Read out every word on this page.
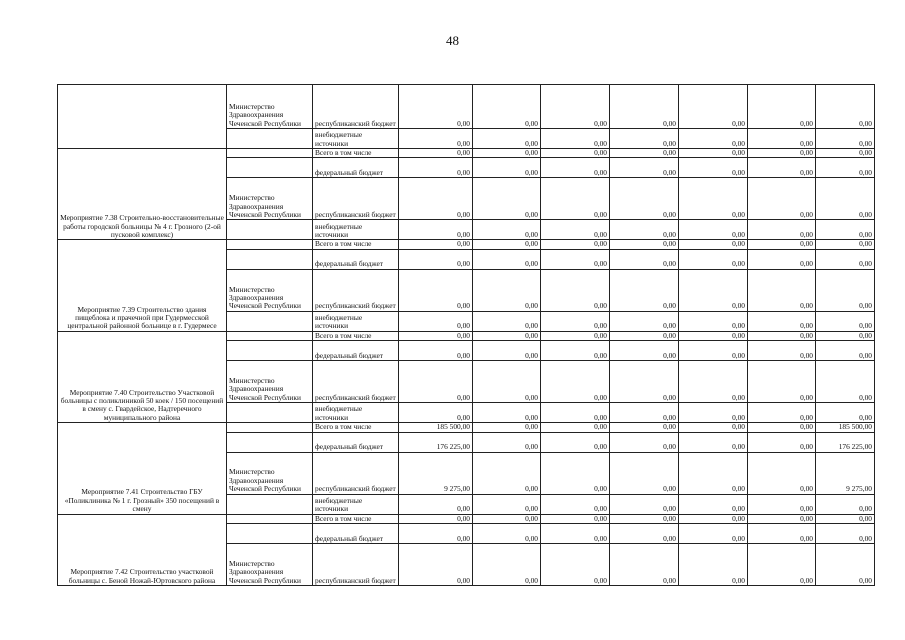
48
	Министерство Здравоохранения Чеченской Республики	республиканский бюджет	0,00	0,00	0,00	0,00	0,00	0,00	0,00
		внебюджетные источники	0,00	0,00	0,00	0,00	0,00	0,00	0,00
Мероприятие 7.38 Строительно-восстановительные работы городской больницы № 4 г. Грозного (2-ой пусковой комплекс)		Всего в том числе	0,00	0,00	0,00	0,00	0,00	0,00	0,00
		федеральный бюджет	0,00	0,00	0,00	0,00	0,00	0,00	0,00
	Министерство Здравоохранения Чеченской Республики	республиканский бюджет	0,00	0,00	0,00	0,00	0,00	0,00	0,00
		внебюджетные источники	0,00	0,00	0,00	0,00	0,00	0,00	0,00
Мероприятие 7.39 Строительство здания пищеблока и прачечной при Гудермесской центральной районной больнице в г. Гудермесе		Всего в том числе	0,00	0,00	0,00	0,00	0,00	0,00	0,00
		федеральный бюджет	0,00	0,00	0,00	0,00	0,00	0,00	0,00
	Министерство Здравоохранения Чеченской Республики	республиканский бюджет	0,00	0,00	0,00	0,00	0,00	0,00	0,00
		внебюджетные источники	0,00	0,00	0,00	0,00	0,00	0,00	0,00
Мероприятие 7.40 Строительство Участковой больницы с поликлиникой 50 коек / 150 посещений в смену с. Гвардейское, Надтеречного муниципального района		Всего в том числе	0,00	0,00	0,00	0,00	0,00	0,00	0,00
		федеральный бюджет	0,00	0,00	0,00	0,00	0,00	0,00	0,00
	Министерство Здравоохранения Чеченской Республики	республиканский бюджет	0,00	0,00	0,00	0,00	0,00	0,00	0,00
		внебюджетные источники	0,00	0,00	0,00	0,00	0,00	0,00	0,00
Мероприятие 7.41 Строительство ГБУ «Поликлиника № 1 г. Грозный» 350 посещений в смену		Всего в том числе	185 500,00	0,00	0,00	0,00	0,00	0,00	185 500,00
		федеральный бюджет	176 225,00	0,00	0,00	0,00	0,00	0,00	176 225,00
	Министерство Здравоохранения Чеченской Республики	республиканский бюджет	9 275,00	0,00	0,00	0,00	0,00	0,00	9 275,00
		внебюджетные источники	0,00	0,00	0,00	0,00	0,00	0,00	0,00
Мероприятие 7.42 Строительство участковой больницы с. Беной Ножай-Юртовского района		Всего в том числе	0,00	0,00	0,00	0,00	0,00	0,00	0,00
		федеральный бюджет	0,00	0,00	0,00	0,00	0,00	0,00	0,00
	Министерство Здравоохранения Чеченской Республики	республиканский бюджет	0,00	0,00	0,00	0,00	0,00	0,00	0,00
